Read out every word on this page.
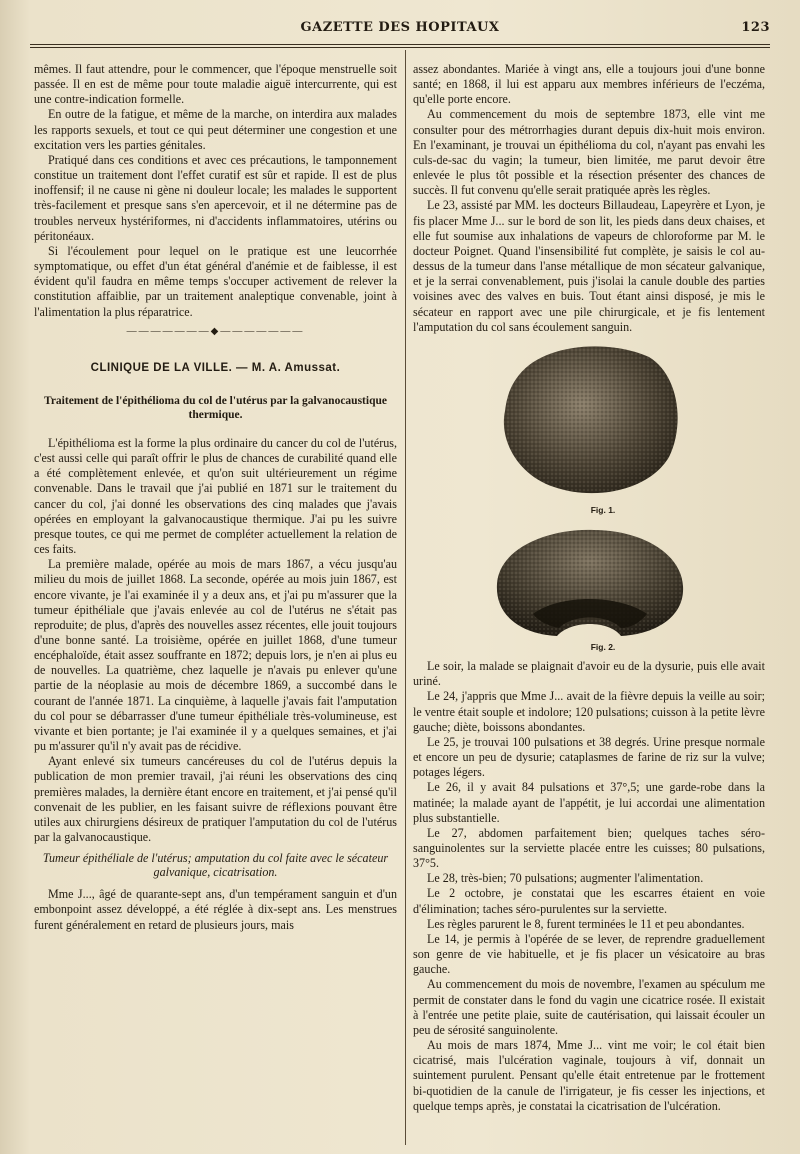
GAZETTE DES HOPITAUX	123

mêmes. Il faut attendre, pour le commencer, que l'époque menstruelle soit passée. Il en est de même pour toute maladie aiguë intercurrente, qui est une contre-indication formelle.

En outre de la fatigue, et même de la marche, on interdira aux malades les rapports sexuels, et tout ce qui peut déterminer une congestion et une excitation vers les parties génitales.

Pratiqué dans ces conditions et avec ces précautions, le tamponnement constitue un traitement dont l'effet curatif est sûr et rapide. Il est de plus inoffensif; il ne cause ni gène ni douleur locale; les malades le supportent très-facilement et presque sans s'en apercevoir, et il ne détermine pas de troubles nerveux hystériformes, ni d'accidents inflammatoires, utérins ou péritonéaux.

Si l'écoulement pour lequel on le pratique est une leucorrhée symptomatique, ou effet d'un état général d'anémie et de faiblesse, il est évident qu'il faudra en même temps s'occuper activement de relever la constitution affaiblie, par un traitement analeptique convenable, joint à l'alimentation la plus réparatrice.

———————◆———————
CLINIQUE DE LA VILLE. — M. A. Amussat.
Traitement de l'épithélioma du col de l'utérus par la galvanocaustique thermique.

L'épithélioma est la forme la plus ordinaire du cancer du col de l'utérus, c'est aussi celle qui paraît offrir le plus de chances de curabilité quand elle a été complètement enlevée, et qu'on suit ultérieurement un régime convenable. Dans le travail que j'ai publié en 1871 sur le traitement du cancer du col, j'ai donné les observations des cinq malades que j'avais opérées en employant la galvanocaustique thermique. J'ai pu les suivre presque toutes, ce qui me permet de compléter actuellement la relation de ces faits.

La première malade, opérée au mois de mars 1867, a vécu jusqu'au milieu du mois de juillet 1868. La seconde, opérée au mois juin 1867, est encore vivante, je l'ai examinée il y a deux ans, et j'ai pu m'assurer que la tumeur épithéliale que j'avais enlevée au col de l'utérus ne s'était pas reproduite; de plus, d'après des nouvelles assez récentes, elle jouit toujours d'une bonne santé. La troisième, opérée en juillet 1868, d'une tumeur encéphaloïde, était assez souffrante en 1872; depuis lors, je n'en ai plus eu de nouvelles. La quatrième, chez laquelle je n'avais pu enlever qu'une partie de la néoplasie au mois de décembre 1869, a succombé dans le courant de l'année 1871. La cinquième, à laquelle j'avais fait l'amputation du col pour se débarrasser d'une tumeur épithéliale très-volumineuse, est vivante et bien portante; je l'ai examinée il y a quelques semaines, et j'ai pu m'assurer qu'il n'y avait pas de récidive.

Ayant enlevé six tumeurs cancéreuses du col de l'utérus depuis la publication de mon premier travail, j'ai réuni les observations des cinq premières malades, la dernière étant encore en traitement, et j'ai pensé qu'il convenait de les publier, en les faisant suivre de réflexions pouvant être utiles aux chirurgiens désireux de pratiquer l'amputation du col de l'utérus par la galvanocaustique.

Tumeur épithéliale de l'utérus; amputation du col faite avec le sécateur galvanique, cicatrisation.

Mme J..., âgé de quarante-sept ans, d'un tempérament sanguin et d'un embonpoint assez développé, a été réglée à dix-sept ans. Les menstrues furent généralement en retard de plusieurs jours, mais

assez abondantes. Mariée à vingt ans, elle a toujours joui d'une bonne santé; en 1868, il lui est apparu aux membres inférieurs de l'eczéma, qu'elle porte encore.

Au commencement du mois de septembre 1873, elle vint me consulter pour des métrorrhagies durant depuis dix-huit mois environ. En l'examinant, je trouvai un épithélioma du col, n'ayant pas envahi les culs-de-sac du vagin; la tumeur, bien limitée, me parut devoir être enlevée le plus tôt possible et la résection présenter des chances de succès. Il fut convenu qu'elle serait pratiquée après les règles.

Le 23, assisté par MM. les docteurs Billaudeau, Lapeyrère et Lyon, je fis placer Mme J... sur le bord de son lit, les pieds dans deux chaises, et elle fut soumise aux inhalations de vapeurs de chloroforme par M. le docteur Poignet. Quand l'insensibilité fut complète, je saisis le col au-dessus de la tumeur dans l'anse métallique de mon sécateur galvanique, et je la serrai convenablement, puis j'isolai la canule double des parties voisines avec des valves en buis. Tout étant ainsi disposé, je mis le sécateur en rapport avec une pile chirurgicale, et je fis lentement l'amputation du col sans écoulement sanguin.

Fig. 1.
Fig. 2.

Le soir, la malade se plaignait d'avoir eu de la dysurie, puis elle avait uriné.

Le 24, j'appris que Mme J... avait de la fièvre depuis la veille au soir; le ventre était souple et indolore; 120 pulsations; cuisson à la petite lèvre gauche; diète, boissons abondantes.

Le 25, je trouvai 100 pulsations et 38 degrés. Urine presque normale et encore un peu de dysurie; cataplasmes de farine de riz sur la vulve; potages légers.

Le 26, il y avait 84 pulsations et 37°,5; une garde-robe dans la matinée; la malade ayant de l'appétit, je lui accordai une alimentation plus substantielle.

Le 27, abdomen parfaitement bien; quelques taches séro-sanguinolentes sur la serviette placée entre les cuisses; 80 pulsations, 37°5.

Le 28, très-bien; 70 pulsations; augmenter l'alimentation.

Le 2 octobre, je constatai que les escarres étaient en voie d'élimination; taches séro-purulentes sur la serviette.

Les règles parurent le 8, furent terminées le 11 et peu abondantes.

Le 14, je permis à l'opérée de se lever, de reprendre graduellement son genre de vie habituelle, et je fis placer un vésicatoire au bras gauche.

Au commencement du mois de novembre, l'examen au spéculum me permit de constater dans le fond du vagin une cicatrice rosée. Il existait à l'entrée une petite plaie, suite de cautérisation, qui laissait écouler un peu de sérosité sanguinolente.

Au mois de mars 1874, Mme J... vint me voir; le col était bien cicatrisé, mais l'ulcération vaginale, toujours à vif, donnait un suintement purulent. Pensant qu'elle était entretenue par le frottement bi-quotidien de la canule de l'irrigateur, je fis cesser les injections, et quelque temps après, je constatai la cicatrisation de l'ulcération.
